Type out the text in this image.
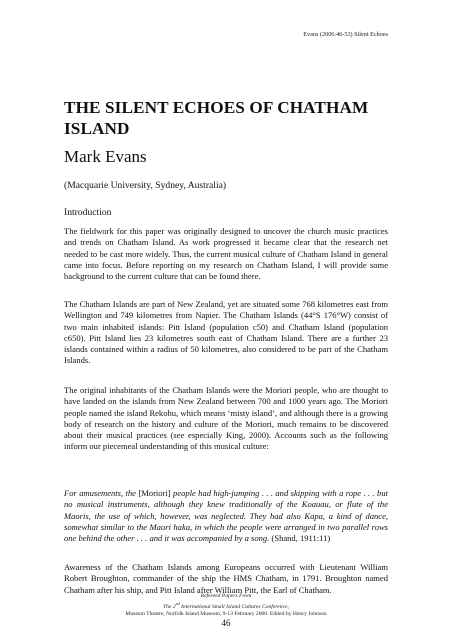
Evans (2006:46-53) Silent Echoes
THE SILENT ECHOES OF CHATHAM ISLAND
Mark Evans
(Macquarie University, Sydney, Australia)
Introduction
The fieldwork for this paper was originally designed to uncover the church music practices and trends on Chatham Island. As work progressed it became clear that the research net needed to be cast more widely. Thus, the current musical culture of Chatham Island in general came into focus. Before reporting on my research on Chatham Island, I will provide some background to the current culture that can be found there.
The Chatham Islands are part of New Zealand, yet are situated some 768 kilometres east from Wellington and 749 kilometres from Napier. The Chatham Islands (44°S 176°W) consist of two main inhabited islands: Pitt Island (population c50) and Chatham Island (population c650). Pitt Island lies 23 kilometres south east of Chatham Island. There are a further 23 islands contained within a radius of 50 kilometres, also considered to be part of the Chatham Islands.
The original inhabitants of the Chatham Islands were the Moriori people, who are thought to have landed on the islands from New Zealand between 700 and 1000 years ago. The Moriori people named the island Rekohu, which means ‘misty island’, and although there is a growing body of research on the history and culture of the Moriori, much remains to be discovered about their musical practices (see especially King, 2000). Accounts such as the following inform our piecemeal understanding of this musical culture:
For amusements, the [Moriori] people had high-jumping . . . and skipping with a rope . . . but no musical instruments, although they knew traditionally of the Koauau, or flute of the Maoris, the use of which, however, was neglected. They had also Kapa, a kind of dance, somewhat similar to the Maori haka, in which the people were arranged in two parallel rows one behind the other . . . and it was accompanied by a song. (Shand, 1911:11)
Awareness of the Chatham Islands among Europeans occurred with Lieutenant William Robert Broughton, commander of the ship the HMS Chatham, in 1791. Broughton named Chatham after his ship, and Pitt Island after William Pitt, the Earl of Chatham.
Refereed Papers From
The 2nd International Small Island Cultures Conference,
Museum Theatre, Norfolk Island Museum, 9-13 February 2006. Edited by Henry Johnson
46
